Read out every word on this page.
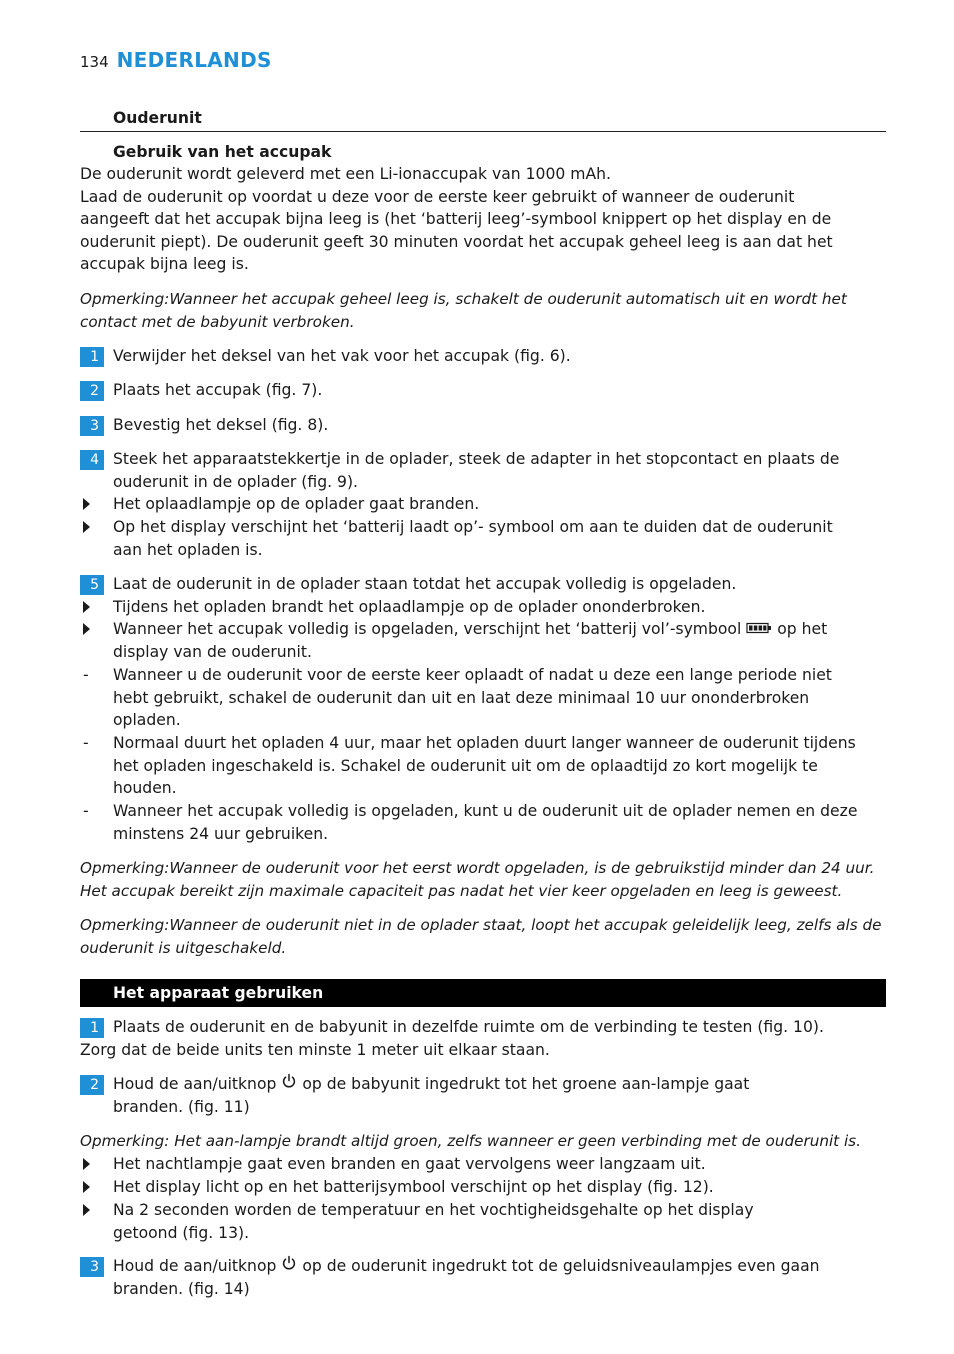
134 NEDERLANDS
Ouderunit
Gebruik van het accupak
De ouderunit wordt geleverd met een Li-ionaccupak van 1000 mAh.
Laad de ouderunit op voordat u deze voor de eerste keer gebruikt of wanneer de ouderunit
aangeeft dat het accupak bijna leeg is (het ‘batterij leeg’-symbool knippert op het display en de
ouderunit piept). De ouderunit geeft 30 minuten voordat het accupak geheel leeg is aan dat het
accupak bijna leeg is.
Opmerking:Wanneer het accupak geheel leeg is, schakelt de ouderunit automatisch uit en wordt het
contact met de babyunit verbroken.
1 Verwijder het deksel van het vak voor het accupak (fig. 6).
2 Plaats het accupak (fig. 7).
3 Bevestig het deksel (fig. 8).
4 Steek het apparaatstekkertje in de oplader, steek de adapter in het stopcontact en plaats de
ouderunit in de oplader (fig. 9).
Het oplaadlampje op de oplader gaat branden.
Op het display verschijnt het ‘batterij laadt op’- symbool om aan te duiden dat de ouderunit
aan het opladen is.
5 Laat de ouderunit in de oplader staan totdat het accupak volledig is opgeladen.
Tijdens het opladen brandt het oplaadlampje op de oplader ononderbroken.
Wanneer het accupak volledig is opgeladen, verschijnt het ‘batterij vol’-symbool op het
display van de ouderunit.
- Wanneer u de ouderunit voor de eerste keer oplaadt of nadat u deze een lange periode niet
hebt gebruikt, schakel de ouderunit dan uit en laat deze minimaal 10 uur ononderbroken
opladen.
- Normaal duurt het opladen 4 uur, maar het opladen duurt langer wanneer de ouderunit tijdens
het opladen ingeschakeld is. Schakel de ouderunit uit om de oplaadtijd zo kort mogelijk te
houden.
- Wanneer het accupak volledig is opgeladen, kunt u de ouderunit uit de oplader nemen en deze
minstens 24 uur gebruiken.
Opmerking:Wanneer de ouderunit voor het eerst wordt opgeladen, is de gebruikstijd minder dan 24 uur.
Het accupak bereikt zijn maximale capaciteit pas nadat het vier keer opgeladen en leeg is geweest.
Opmerking:Wanneer de ouderunit niet in de oplader staat, loopt het accupak geleidelijk leeg, zelfs als de
ouderunit is uitgeschakeld.
Het apparaat gebruiken
1 Plaats de ouderunit en de babyunit in dezelfde ruimte om de verbinding te testen (fig. 10).
Zorg dat de beide units ten minste 1 meter uit elkaar staan.
2 Houd de aan/uitknop op de babyunit ingedrukt tot het groene aan-lampje gaat
branden. (fig. 11)
Opmerking: Het aan-lampje brandt altijd groen, zelfs wanneer er geen verbinding met de ouderunit is.
Het nachtlampje gaat even branden en gaat vervolgens weer langzaam uit.
Het display licht op en het batterijsymbool verschijnt op het display (fig. 12).
Na 2 seconden worden de temperatuur en het vochtigheidsgehalte op het display
getoond (fig. 13).
3 Houd de aan/uitknop op de ouderunit ingedrukt tot de geluidsniveaulampjes even gaan
branden. (fig. 14)
